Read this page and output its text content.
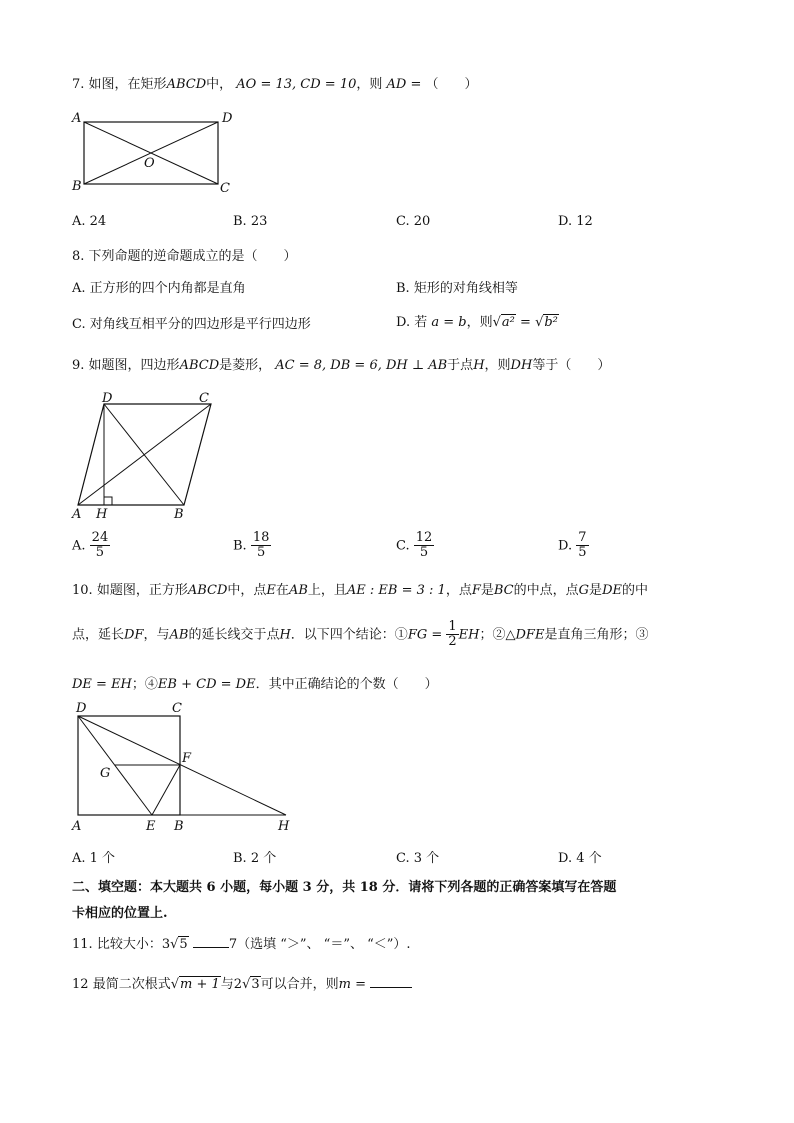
7. 如图，在矩形ABCD中， AO = 13, CD = 10，则 AD = （　　）
A	D
O
B	C
A. 24	B. 23	C. 20	D. 12
8. 下列命题的逆命题成立的是（　　）
A. 正方形的四个内角都是直角	B. 矩形的对角线相等
C. 对角线互相平分的四边形是平行四边形	D. 若 a = b，则√a² = √b²
9. 如题图，四边形ABCD是菱形， AC = 8, DB = 6, DH ⊥ AB于点H，则DH等于（　　）
D	C
A H	B
A. $\frac{24}{5}$	B. $\frac{18}{5}$	C. $\frac{12}{5}$	D. $\frac{7}{5}$
10. 如题图，正方形ABCD中，点E在AB上，且AE : EB = 3 : 1，点F是BC的中点，点G是DE的中
点，延长DF，与AB的延长线交于点H．以下四个结论：①FG = $\frac{1}{2}$ EH；②△DFE是直角三角形；③
DE = EH；④EB + CD = DE．其中正确结论的个数（　　）
D	C
G
F
A	E B	H
A. 1 个	B. 2 个	C. 3 个	D. 4 个
二、填空题：本大题共 6 小题，每小题 3 分，共 18 分．请将下列各题的正确答案填写在答题
卡相应的位置上.
11. 比较大小：3√5	7（选填 “＞”、 “＝”、 “＜”）.
12 最简二次根式√m + 1与2√3可以合并，则m =
